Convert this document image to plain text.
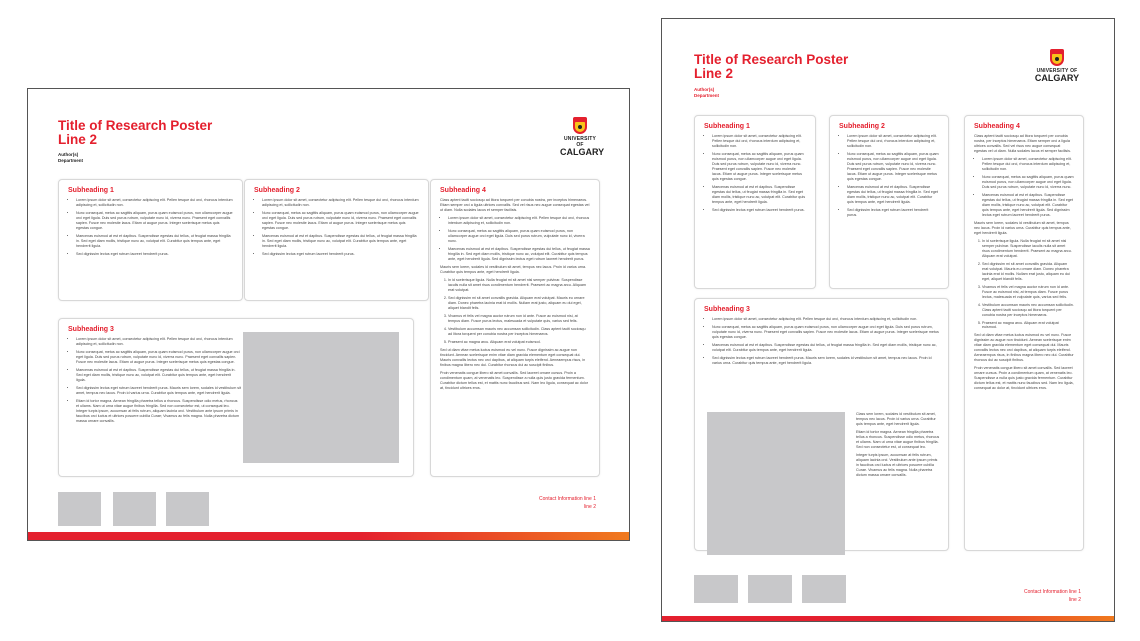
Title of Research Poster
Line 2
Author(s)
Department
UNIVERSITY OF
CALGARY
Subheading 1
• Lorem ipsum dolor sit amet, consectetur adipiscing elit. Pellen tesque dui orci, rhoncus interdum adipiscing et, sollicitudin non.
• Nunc consequat, metus ac sagittis aliquam, purus quam euismod purus, non ullamcorper augue orci eget ligula. Duis sed purus rutrum, vulputate nunc id, viverra nunc. Praesent eget convallis sapien. Fusce nec molestie lacus. Etiam ut augue purus. Integer scelerisque metus quis egestas congue.
• Maecenas euismod at est et dapibus. Suspendisse egestas dui tellus, ut feugiat massa fringilla in. Sed eget diam mollis, tristique nunc ac, volutpat elit. Curabitur quis tempus ante, eget hendrerit ligula.
• Sed dignissim lectus eget rutrum laoreet hendrerit purus.
Subheading 2
• Lorem ipsum dolor sit amet, consectetur adipiscing elit. Pellen tesque dui orci, rhoncus interdum adipiscing et, sollicitudin non.
• Nunc consequat, metus ac sagittis aliquam, purus quam euismod purus, non ullamcorper augue orci eget ligula. Duis sed purus rutrum, vulputate nunc id, viverra nunc. Praesent eget convallis sapien. Fusce nec molestie lacus. Etiam ut augue purus. Integer scelerisque metus quis egestas congue.
• Maecenas euismod at est et dapibus. Suspendisse egestas dui tellus, ut feugiat massa fringilla in. Sed eget diam mollis, tristique nunc ac, volutpat elit. Curabitur quis tempus ante, eget hendrerit ligula.
• Sed dignissim lectus eget rutrum laoreet hendrerit purus.
Subheading 3
• Lorem ipsum dolor sit amet, consectetur adipiscing elit. Pellen tesque dui orci, rhoncus interdum adipiscing et, sollicitudin non.
• Nunc consequat, metus ac sagittis aliquam, purus quam euismod purus, non ullamcorper augue orci eget ligula. Duis sed purus rutrum, vulputate nunc id, viverra nunc. Praesent eget convallis sapien. Fusce nec molestie lacus. Etiam ut augue purus. Integer scelerisque metus quis egestas congue.
• Maecenas euismod at est et dapibus. Suspendisse egestas dui tellus, ut feugiat massa fringilla in. Sed eget diam mollis, tristique nunc ac, volutpat elit. Curabitur quis tempus ante, eget hendrerit ligula.
• Sed dignissim lectus eget rutrum laoreet hendrerit purus. Mauris sem lorem, sodales id vestibulum sit amet, tempus nec lacus. Proin id varius urna. Curabitur quis tempus ante, eget hendrerit ligula.
• Etiam id tortor magna. Aenean fringilla pharetra tellus a rhoncus. Suspendisse odio metus, rhoncus et ullams. Nam ut urna vitae augue finibus fringilla. Sed non consectetur est, ut consequat leo. Integer turpis ipsum, accumsan at felis rutrum, aliquam lacinia orci. Vestibulum ante ipsum primis in faucibus orci luctus et ultrices posuere cubilia Curae; Vivamus ac felis magna. Nulla pharetra dictum massa ornare convallis.
Subheading 4

Class aptent taciti sociosqu ad litora torquent per conubia nostra, per inceptos himenaeos. Etiam semper orci a ligula ultrices convallis. Sed vel risus nec augue consequat egestas vel ut diam. Nulla sodales lacus et semper facilisis.

• Lorem ipsum dolor sit amet, consectetur adipiscing elit. Pellen tesque dui orci, rhoncus interdum adipiscing et, sollicitudin non.
• Nunc consequat, metus ac sagittis aliquam, purus quam euismod purus, non ullamcorper augue orci eget ligula. Duis sed purus rutrum, vulputate nunc id, viverra nunc.
• Maecenas euismod at est et dapibus. Suspendisse egestas dui tellus, ut feugiat massa fringilla in. Sed eget diam mollis, tristique nunc ac, volutpat elit. Curabitur quis tempus ante, eget hendrerit ligula. Sed dignissim lectus eget rutrum laoreet hendrerit purus.

Mauris sem lorem, sodales id vestibulum sit amet, tempus nec lacus. Proin id varius urna. Curabitur quis tempus ante, eget hendrerit ligula.

1. In id scelerisque ligula. Nulla feugiat mi sit amet nisl semper pulvinar. Suspendisse iaculis nulla sit amet risus condimentum hendrerit. Praesent ac magna arcu. Aliquam erat volutpat.
2. Sed dignissim mi sit amet convallis gravida. Aliquam erat volutpat. Mauris eu ornare diam. Donec pharetra lacinia erat id mollis. Nullam erat justo, aliquam eu dui eget, aliquet blandit felis.
3. Vivamus et felis vel magna auctor rutrum non id ante. Fusce ac euismod nisi, at tempus diam. Fusce purus lectus, malesuada et vulputate quis, varius sed felis.
4. Vestibulum accumsan mauris nec accumsan sollicitudin. Class aptent taciti sociosqu ad litora torquent per conubia nostra per inceptos himenaeos.
5. Praesent ac magna arcu. Aliquam erat volutpat euismod.

Sed ut diam vitae metus luctus euismod eu vel nunc. Fusce dignissim ac augue non tincidunt. Aenean scelerisque enim vitae diam gravida elementum eget consequat dui. Mauris convallis lectus nec orci dapibus, at aliquam turpis eleifend. Aeneaempus risus, in finibus magna libero nec dui. Curabitur rhoncus dui ac suscipit finibus.

Proin venenatis congue libero sit amet convallis. Sed laoreet ornare cursus. Proin a condimentum quam, at venenatis leo. Suspendisse a nulla quis justo gravida fermentum. Curabitur dictum tellus est, et mattis nunc faucibus sed. Nam leo ligula, consequat ac dolor at, tincidunt ultrices eros.

Contact Information line 1
line 2
Title of Research Poster
Line 2
Author(s)
Department
UNIVERSITY OF
CALGARY
Subheading 1
• Lorem ipsum dolor sit amet, consectetur adipiscing elit. Pellen tesque dui orci, rhoncus interdum adipiscing et, sollicitudin non.
• Nunc consequat, metus ac sagittis aliquam, purus quam euismod purus, non ullamcorper augue orci eget ligula. Duis sed purus rutrum, vulputate nunc id, viverra nunc. Praesent eget convallis sapien. Fusce nec molestie lacus. Etiam ut augue purus. Integer scelerisque metus quis egestas congue.
• Maecenas euismod at est et dapibus. Suspendisse egestas dui tellus, ut feugiat massa fringilla in. Sed eget diam mollis, tristique nunc ac, volutpat elit. Curabitur quis tempus ante, eget hendrerit ligula.
• Sed dignissim lectus eget rutrum laoreet hendrerit purus.
Subheading 2
• Lorem ipsum dolor sit amet, consectetur adipiscing elit. Pellen tesque dui orci, rhoncus interdum adipiscing et, sollicitudin non.
• Nunc consequat, metus ac sagittis aliquam, purus quam euismod purus, non ullamcorper augue orci eget ligula. Duis sed purus rutrum, vulputate nunc id, viverra nunc. Praesent eget convallis sapien. Fusce nec molestie lacus. Etiam ut augue purus. Integer scelerisque metus quis egestas congue.
• Maecenas euismod at est et dapibus. Suspendisse egestas dui tellus, ut feugiat massa fringilla in. Sed eget diam mollis, tristique nunc ac, volutpat elit. Curabitur quis tempus ante, eget hendrerit ligula.
• Sed dignissim lectus eget rutrum laoreet hendrerit purus.
Subheading 3
• Lorem ipsum dolor sit amet, consectetur adipiscing elit. Pellen tesque dui orci, rhoncus interdum adipiscing et, sollicitudin non.
• Nunc consequat, metus ac sagittis aliquam, purus quam euismod purus, non ullamcorper augue orci eget ligula. Duis sed purus rutrum, vulputate nunc id, viverra nunc. Praesent eget convallis sapien. Fusce nec molestie lacus. Etiam ut augue purus. Integer scelerisque metus quis egestas congue.
• Maecenas euismod at est et dapibus. Suspendisse egestas dui tellus, ut feugiat massa fringilla in. Sed eget diam mollis, tristique nunc ac, volutpat elit. Curabitur quis tempus ante, eget hendrerit ligula.
• Sed dignissim lectus eget rutrum laoreet hendrerit purus. Mauris sem lorem, sodales id vestibulum sit amet, tempus nec lacus. Proin id varius urna. Curabitur quis tempus ante, eget hendrerit ligula.

Class sem lorem, sodales id vestibulum sit amet, tempus nec lacus. Proin id varius urna. Curabitur quis tempus ante, eget hendrerit ligula.

Etiam id tortor magna. Aenean fringilla pharetra tellus a rhoncus. Suspendisse odio metus, rhoncus et ullams. Nam ut urna vitae augue finibus fringilla. Sed non consectetur est, ut consequat leo.

Integer turpis ipsum, accumsan at felis rutrum, aliquam lacinia orci. Vestibulum ante ipsum primis in faucibus orci luctus et ultrices posuere cubilia Curae. Vivamus ac felis magna. Nulla pharetra dictum massa ornare convallis.

Subheading 4

Class aptent taciti sociosqu ad litora torquent per conubia nostra, per inceptos himenaeos. Etiam semper orci a ligula ultrices convallis. Sed vel risus nec augue consequat egestas vel ut diam. Nulla sodales lacus et semper facilisis.

• Lorem ipsum dolor sit amet, consectetur adipiscing elit. Pellen tesque dui orci, rhoncus interdum adipiscing et, sollicitudin non.
• Nunc consequat, metus ac sagittis aliquam, purus quam euismod purus, non ullamcorper augue orci eget ligula. Duis sed purus rutrum, vulputate nunc id, viverra nunc.
• Maecenas euismod at est et dapibus. Suspendisse egestas dui tellus, ut feugiat massa fringilla in. Sed eget diam mollis, tristique nunc ac, volutpat elit. Curabitur quis tempus ante, eget hendrerit ligula. Sed dignissim lectus eget rutrum laoreet hendrerit purus.

Mauris sem lorem, sodales id vestibulum sit amet, tempus nec lacus. Proin id varius urna. Curabitur quis tempus ante, eget hendrerit ligula.

1. In id scelerisque ligula. Nulla feugiat mi sit amet nisl semper pulvinar. Suspendisse iaculis nulla sit amet risus condimentum hendrerit. Praesent ac magna arcu. Aliquam erat volutpat.
2. Sed dignissim mi sit amet convallis gravida. Aliquam erat volutpat. Mauris eu ornare diam. Donec pharetra lacinia erat id mollis. Nullam erat justo, aliquam eu dui eget, aliquet blandit felis.
3. Vivamus et felis vel magna auctor rutrum non id ante. Fusce ac euismod nisi, at tempus diam. Fusce purus lectus, malesuada et vulputate quis, varius sed felis.
4. Vestibulum accumsan mauris nec accumsan sollicitudin. Class aptent taciti sociosqu ad litora torquent per conubia nostra per inceptos himenaeos.
5. Praesent ac magna arcu. Aliquam erat volutpat euismod.

Sed ut diam vitae metus luctus euismod eu vel nunc. Fusce dignissim ac augue non tincidunt. Aenean scelerisque enim vitae diam gravida elementum eget consequat dui. Mauris convallis lectus nec orci dapibus, at aliquam turpis eleifend. Aeneaempus risus, in finibus magna libero nec dui. Curabitur rhoncus dui ac suscipit finibus.

Proin venenatis congue libero sit amet convallis. Sed laoreet ornare cursus. Proin a condimentum quam, at venenatis leo. Suspendisse a nulla quis justo gravida fermentum. Curabitur dictum tellus est, et mattis nunc faucibus sed. Nam leo ligula, consequat ac dolor at, tincidunt ultrices eros.

Contact Information line 1
line 2
